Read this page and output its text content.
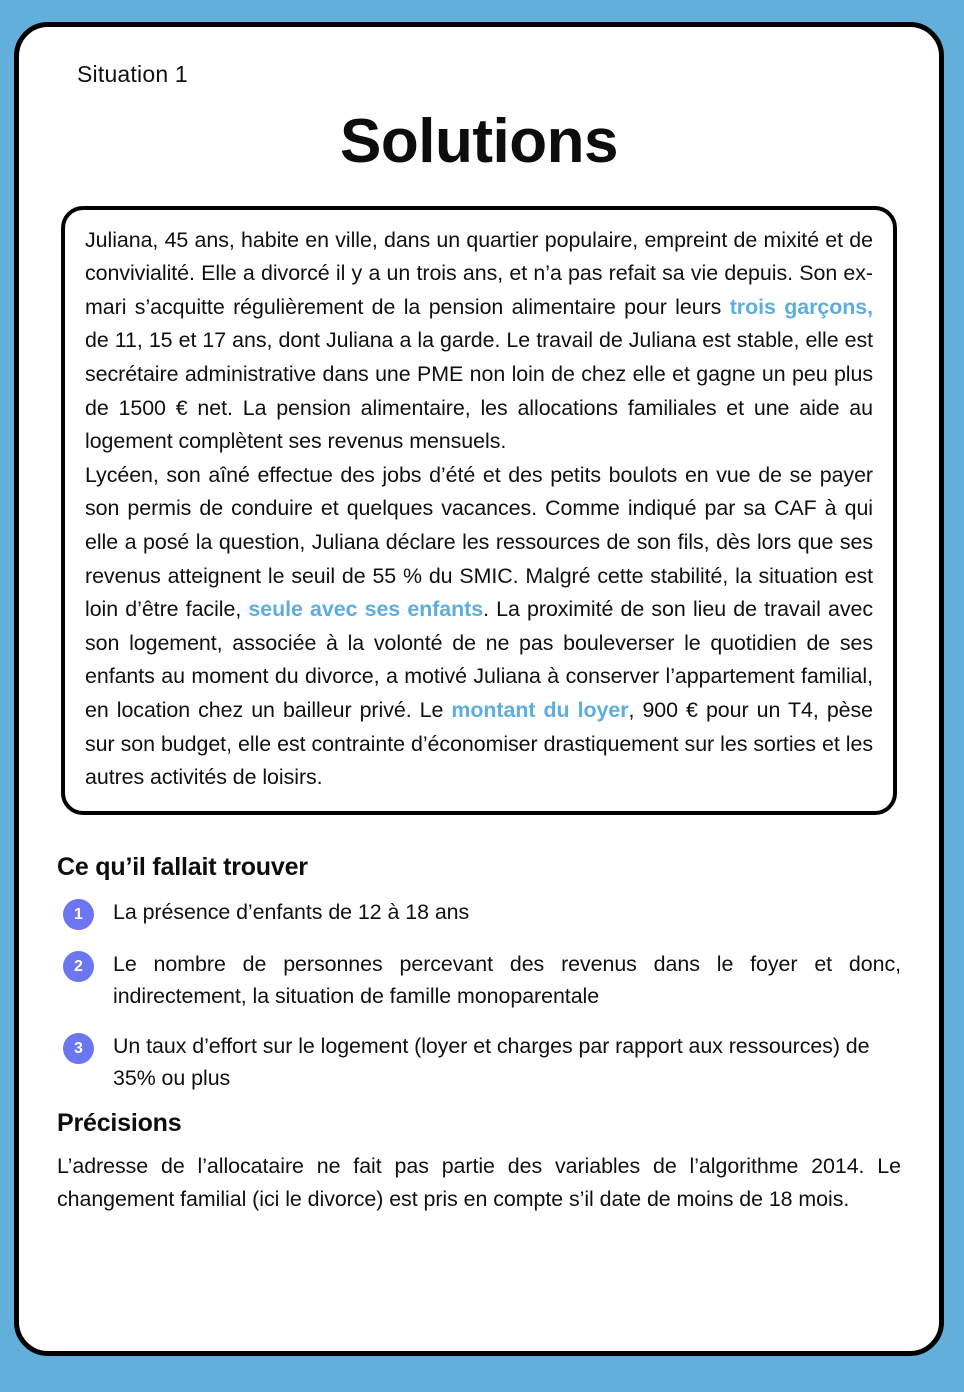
Situation 1
Solutions

Juliana, 45 ans, habite en ville, dans un quartier populaire, empreint de mixité et de convivialité. Elle a divorcé il y a un trois ans, et n’a pas refait sa vie depuis. Son ex-mari s’acquitte régulièrement de la pension alimentaire pour leurs trois garçons, de 11, 15 et 17 ans, dont Juliana a la garde. Le travail de Juliana est stable, elle est secrétaire administrative dans une PME non loin de chez elle et gagne un peu plus de 1500 € net. La pension alimentaire, les allocations familiales et une aide au logement complètent ses revenus mensuels.

Lycéen, son aîné effectue des jobs d’été et des petits boulots en vue de se payer son permis de conduire et quelques vacances. Comme indiqué par sa CAF à qui elle a posé la question, Juliana déclare les ressources de son fils, dès lors que ses revenus atteignent le seuil de 55 % du SMIC. Malgré cette stabilité, la situation est loin d’être facile, seule avec ses enfants. La proximité de son lieu de travail avec son logement, associée à la volonté de ne pas bouleverser le quotidien de ses enfants au moment du divorce, a motivé Juliana à conserver l’appartement familial, en location chez un bailleur privé. Le montant du loyer, 900 € pour un T4, pèse sur son budget, elle est contrainte d’économiser drastiquement sur les sorties et les autres activités de loisirs.

Ce qu’il fallait trouver
1	La présence d’enfants de 12 à 18 ans
2	Le nombre de personnes percevant des revenus dans le foyer et donc, indirectement, la situation de famille monoparentale
3	Un taux d’effort sur le logement (loyer et charges par rapport aux ressources) de 35% ou plus
Précisions

L’adresse de l’allocataire ne fait pas partie des variables de l’algorithme 2014. Le changement familial (ici le divorce) est pris en compte s’il date de moins de 18 mois.
